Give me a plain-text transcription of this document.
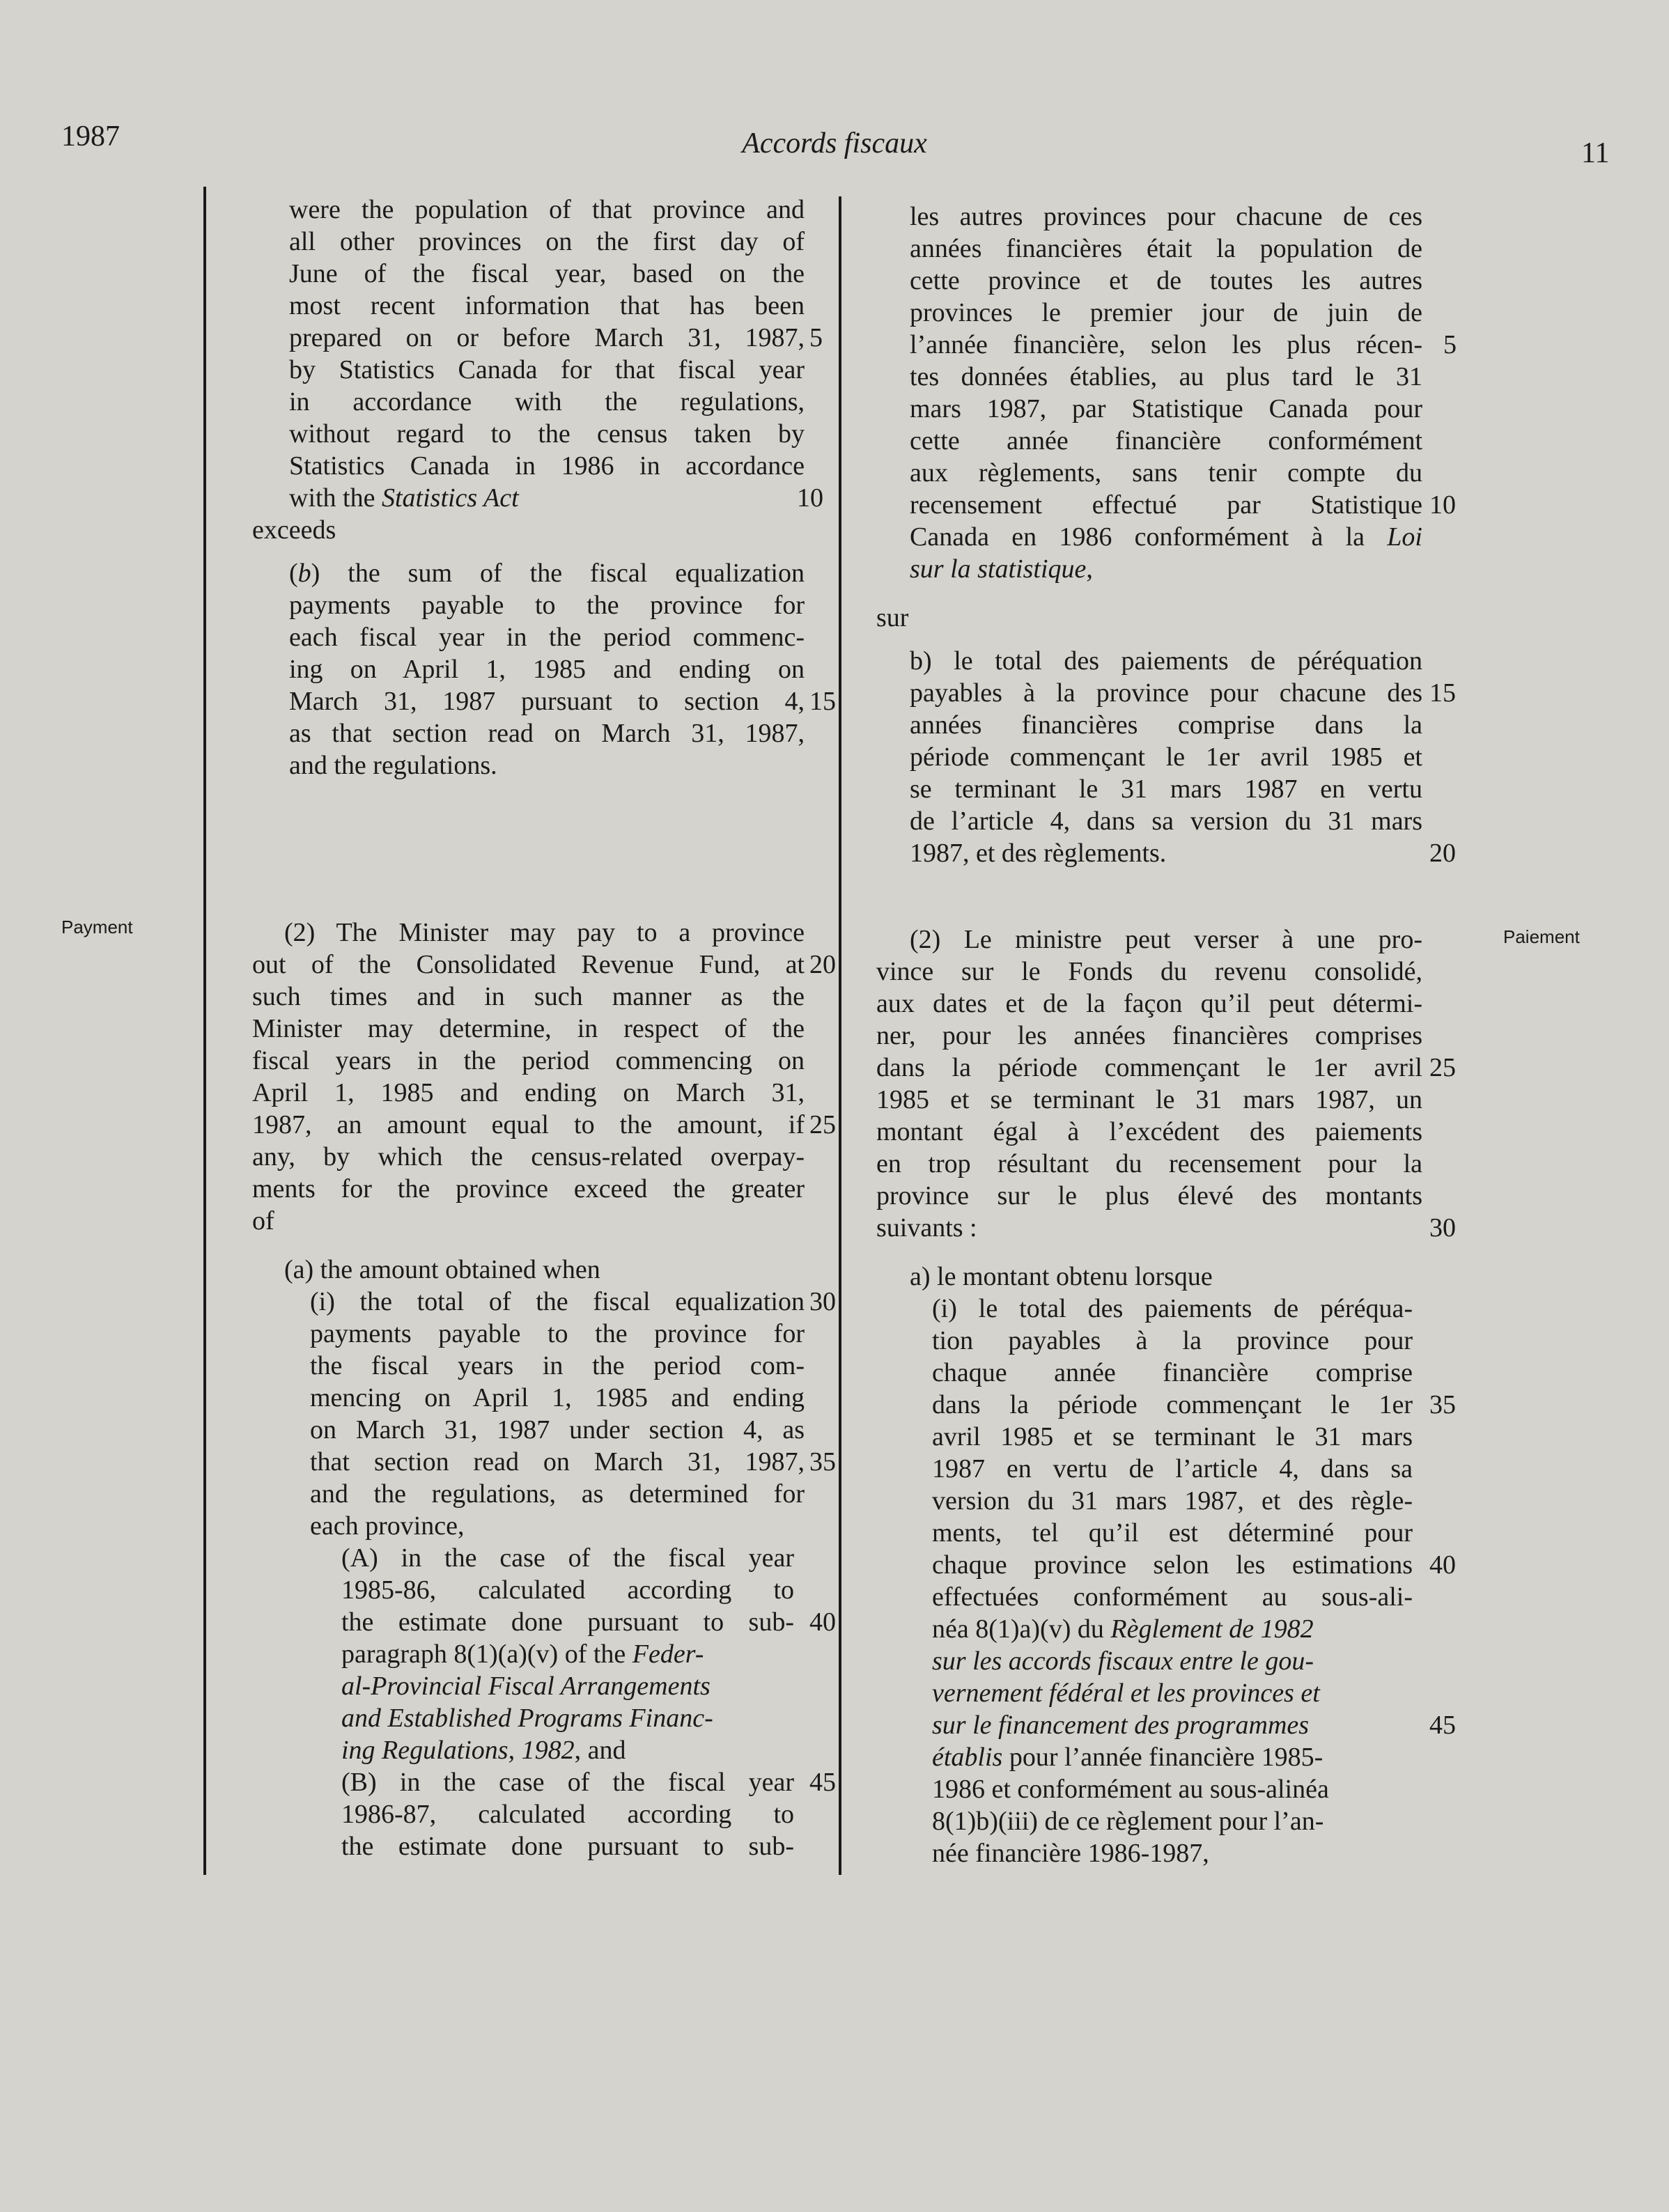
1987	Accords fiscaux	11
Payment	Paiement
were the population of that province and
all other provinces on the first day of
June of the fiscal year, based on the
most recent information that has been
prepared on or before March 31, 1987,
by Statistics Canada for that fiscal year
in accordance with the regulations,
without regard to the census taken by
Statistics Canada in 1986 in accordance
with the Statistics Act
exceeds
(b) the sum of the fiscal equalization
payments payable to the province for
each fiscal year in the period commenc-
ing on April 1, 1985 and ending on
March 31, 1987 pursuant to section 4,
as that section read on March 31, 1987,
and the regulations.
(2) The Minister may pay to a province
out of the Consolidated Revenue Fund, at
such times and in such manner as the
Minister may determine, in respect of the
fiscal years in the period commencing on
April 1, 1985 and ending on March 31,
1987, an amount equal to the amount, if
any, by which the census-related overpay-
ments for the province exceed the greater
of
(a) the amount obtained when
(i) the total of the fiscal equalization
payments payable to the province for
the fiscal years in the period com-
mencing on April 1, 1985 and ending
on March 31, 1987 under section 4, as
that section read on March 31, 1987,
and the regulations, as determined for
each province,
(A) in the case of the fiscal year
1985-86, calculated according to
the estimate done pursuant to sub-
paragraph 8(1)(a)(v) of the Feder-
al-Provincial Fiscal Arrangements
and Established Programs Financ-
ing Regulations, 1982, and
(B) in the case of the fiscal year
1986-87, calculated according to
the estimate done pursuant to sub-
5
10
15
20
25
30
35
40
45
les autres provinces pour chacune de ces
années financières était la population de
cette province et de toutes les autres
provinces le premier jour de juin de
l’année financière, selon les plus récen-
tes données établies, au plus tard le 31
mars 1987, par Statistique Canada pour
cette année financière conformément
aux règlements, sans tenir compte du
recensement effectué par Statistique
Canada en 1986 conformément à la Loi
sur la statistique,
sur
b) le total des paiements de péréquation
payables à la province pour chacune des
années financières comprise dans la
période commençant le 1er avril 1985 et
se terminant le 31 mars 1987 en vertu
de l’article 4, dans sa version du 31 mars
1987, et des règlements.
(2) Le ministre peut verser à une pro-
vince sur le Fonds du revenu consolidé,
aux dates et de la façon qu’il peut détermi-
ner, pour les années financières comprises
dans la période commençant le 1er avril
1985 et se terminant le 31 mars 1987, un
montant égal à l’excédent des paiements
en trop résultant du recensement pour la
province sur le plus élevé des montants
suivants :
a) le montant obtenu lorsque
(i) le total des paiements de péréqua-
tion payables à la province pour
chaque année financière comprise
dans la période commençant le 1er
avril 1985 et se terminant le 31 mars
1987 en vertu de l’article 4, dans sa
version du 31 mars 1987, et des règle-
ments, tel qu’il est déterminé pour
chaque province selon les estimations
effectuées conformément au sous-ali-
néa 8(1)a)(v) du Règlement de 1982
sur les accords fiscaux entre le gou-
vernement fédéral et les provinces et
sur le financement des programmes
établis pour l’année financière 1985-
1986 et conformément au sous-alinéa
8(1)b)(iii) de ce règlement pour l’an-
née financière 1986-1987,
5
10
15
20
25
30
35
40
45
